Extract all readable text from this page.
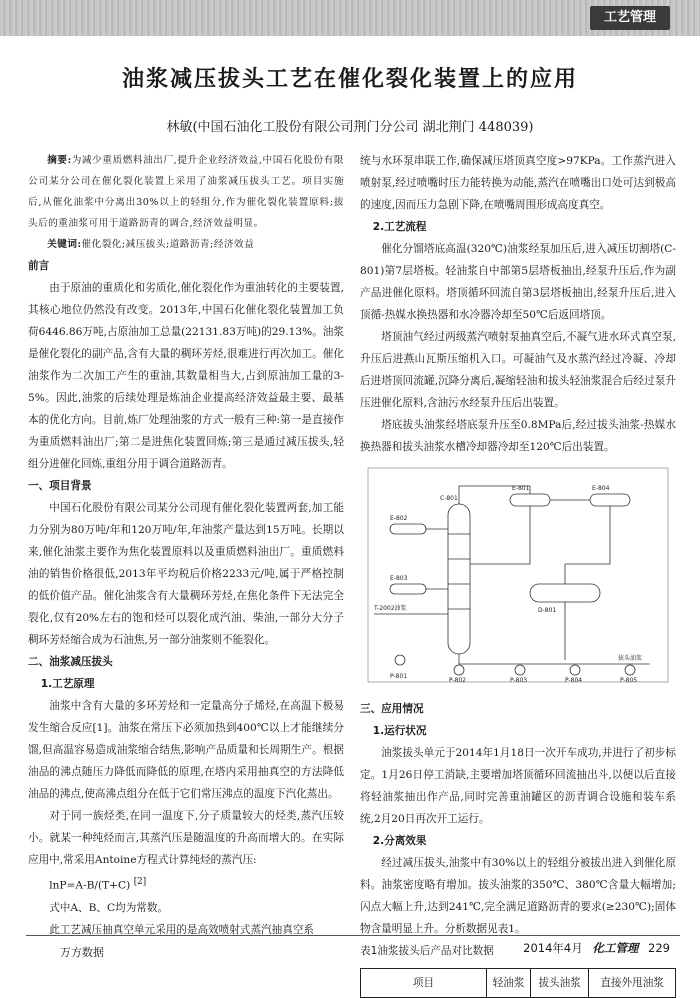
工艺管理
油浆减压拔头工艺在催化裂化装置上的应用
林敏(中国石油化工股份有限公司荆门分公司 湖北荆门 448039)

摘要:为减少重质燃料油出厂,提升企业经济效益,中国石化股份有限公司某分公司在催化裂化装置上采用了油浆减压拔头工艺。项目实施后,从催化油浆中分离出30%以上的轻组分,作为催化裂化装置原料;拔头后的重油浆可用于道路沥青的调合,经济效益明显。

关键词:催化裂化;减压拔头;道路沥青;经济效益

前言

由于原油的重质化和劣质化,催化裂化作为重油转化的主要装置,其核心地位仍然没有改变。2013年,中国石化催化裂化装置加工负荷6446.86万吨,占原油加工总量(22131.83万吨)的29.13%。油浆是催化裂化的副产品,含有大量的稠环芳烃,很难进行再次加工。催化油浆作为二次加工产生的重油,其数量相当大,占到原油加工量的3-5%。因此,油浆的后续处理是炼油企业提高经济效益最主要、最基本的优化方向。目前,炼厂处理油浆的方式一般有三种:第一是直接作为重质燃料油出厂;第二是进焦化装置回炼;第三是通过减压拔头,轻组分进催化回炼,重组分用于调合道路沥青。

一、项目背景

中国石化股份有限公司某分公司现有催化裂化装置两套,加工能力分别为80万吨/年和120万吨/年,年油浆产量达到15万吨。长期以来,催化油浆主要作为焦化装置原料以及重质燃料油出厂。重质燃料油的销售价格很低,2013年平均税后价格2233元/吨,属于严格控制的低价值产品。催化油浆含有大量稠环芳烃,在焦化条件下无法完全裂化,仅有20%左右的饱和烃可以裂化成汽油、柴油,一部分大分子稠环芳烃缩合成为石油焦,另一部分油浆则不能裂化。

二、油浆减压拔头

1.工艺原理

油浆中含有大量的多环芳烃和一定量高分子烯烃,在高温下极易发生缩合反应[1]。油浆在常压下必须加热到400℃以上才能继续分馏,但高温容易造成油浆缩合结焦,影响产品质量和长周期生产。根据油品的沸点随压力降低而降低的原理,在塔内采用抽真空的方法降低油品的沸点,使高沸点组分在低于它们常压沸点的温度下汽化蒸出。

对于同一族烃类,在同一温度下,分子质量较大的烃类,蒸汽压较小。就某一种纯烃而言,其蒸汽压是随温度的升高而增大的。在实际应用中,常采用Antoine方程式计算纯烃的蒸汽压:

lnP=A-B/(T+C) [2]

式中A、B、C均为常数。

此工艺减压抽真空单元采用的是高效喷射式蒸汽抽真空系

统与水环泵串联工作,确保减压塔顶真空度>97KPa。工作蒸汽进入喷射泵,经过喷嘴时压力能转换为动能,蒸汽在喷嘴出口处可达到极高的速度,因而压力急剧下降,在喷嘴周围形成高度真空。

2.工艺流程

催化分馏塔底高温(320℃)油浆经泵加压后,进入减压切割塔(C-801)第7层塔板。轻油浆自中部第5层塔板抽出,经泵升压后,作为副产品进催化原料。塔顶循环回流自第3层塔板抽出,经泵升压后,进入顶循-热媒水换热器和水冷器冷却至50℃后返回塔顶。

塔顶油气经过两级蒸汽喷射泵抽真空后,不凝气进水环式真空泵,升压后进燕山瓦斯压缩机入口。可凝油气及水蒸汽经过冷凝、冷却后进塔顶回流罐,沉降分离后,凝缩轻油和拔头轻油浆混合后经过泵升压进催化原料,含油污水经泵升压后出装置。

塔底拔头油浆经塔底泵升压至0.8MPa后,经过拔头油浆-热媒水换热器和拔头油浆水槽冷却器冷却至120℃后出装置。

C-801
E-801	E-804
E-802
E-803
D-801
T-2002油浆
拔头油浆
P-801
P-802	P-803	P-804	P-805

三、应用情况

1.运行状况

油浆拔头单元于2014年1月18日一次开车成功,并进行了初步标定。1月26日停工消缺,主要增加塔顶循环回流抽出斗,以便以后直接将轻油浆抽出作产品,同时完善重油罐区的沥青调合设施和装车系统,2月20日再次开工运行。

2.分离效果

经过减压拔头,油浆中有30%以上的轻组分被拔出进入到催化原料。油浆密度略有增加。拔头油浆的350℃、380℃含量大幅增加;闪点大幅上升,达到241℃,完全满足道路沥青的要求(≥230℃);固体物含量明显上升。分析数据见表1。

表1油浆拔头后产品对比数据

项目	轻油浆	拔头油浆	直接外甩油浆
万方数据	2014年4月 化工管理 229
